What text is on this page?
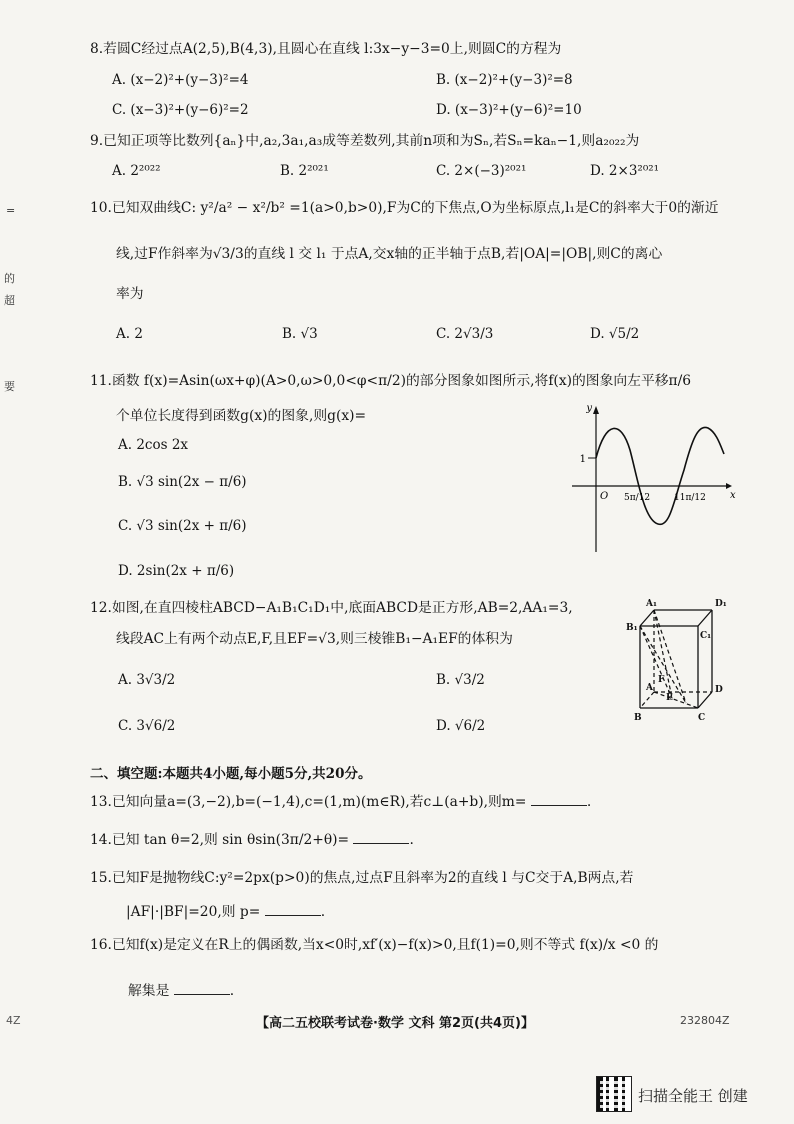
=
的
超
要
8.若圆C经过点A(2,5),B(4,3),且圆心在直线 l:3x−y−3=0上,则圆C的方程为
A. (x−2)²+(y−3)²=4	B. (x−2)²+(y−3)²=8
C. (x−3)²+(y−6)²=2	D. (x−3)²+(y−6)²=10
9.已知正项等比数列{aₙ}中,a₂,3a₁,a₃成等差数列,其前n项和为Sₙ,若Sₙ=kaₙ−1,则a₂₀₂₂为
A. 2²⁰²²	B. 2²⁰²¹	C. 2×(−3)²⁰²¹	D. 2×3²⁰²¹
10.已知双曲线C: y²/a² − x²/b² =1(a>0,b>0),F为C的下焦点,O为坐标原点,l₁是C的斜率大于0的渐近
线,过F作斜率为√3/3的直线 l 交 l₁ 于点A,交x轴的正半轴于点B,若|OA|=|OB|,则C的离心
率为
A. 2	B. √3	C. 2√3/3	D. √5/2
11.函数 f(x)=Asin(ωx+φ)(A>0,ω>0,0<φ<π/2)的部分图象如图所示,将f(x)的图象向左平移π/6
个单位长度得到函数g(x)的图象,则g(x)=
A. 2cos 2x
B. √3 sin(2x − π/6)
C. √3 sin(2x + π/6)
D. 2sin(2x + π/6)
1
y
x
O 5π/12	11π/12
12.如图,在直四棱柱ABCD−A₁B₁C₁D₁中,底面ABCD是正方形,AB=2,AA₁=3,
线段AC上有两个动点E,F,且EF=√3,则三棱锥B₁−A₁EF的体积为
A. 3√3/2	B. √3/2
C. 3√6/2	D. √6/2
A₁	D₁
B₁
C₁
A	D
B	C
E
F
二、填空题:本题共4小题,每小题5分,共20分。
13.已知向量a=(3,−2),b=(−1,4),c=(1,m)(m∈R),若c⊥(a+b),则m=	.
14.已知 tan θ=2,则 sin θsin(3π/2+θ)=	.
15.已知F是抛物线C:y²=2px(p>0)的焦点,过点F且斜率为2的直线 l 与C交于A,B两点,若
|AF|·|BF|=20,则 p=	.
16.已知f(x)是定义在R上的偶函数,当x<0时,xf′(x)−f(x)>0,且f(1)=0,则不等式 f(x)/x <0 的
解集是	.
【高二五校联考试卷·数学 文科 第2页(共4页)】	232804Z
4Z
扫描全能王 创建
